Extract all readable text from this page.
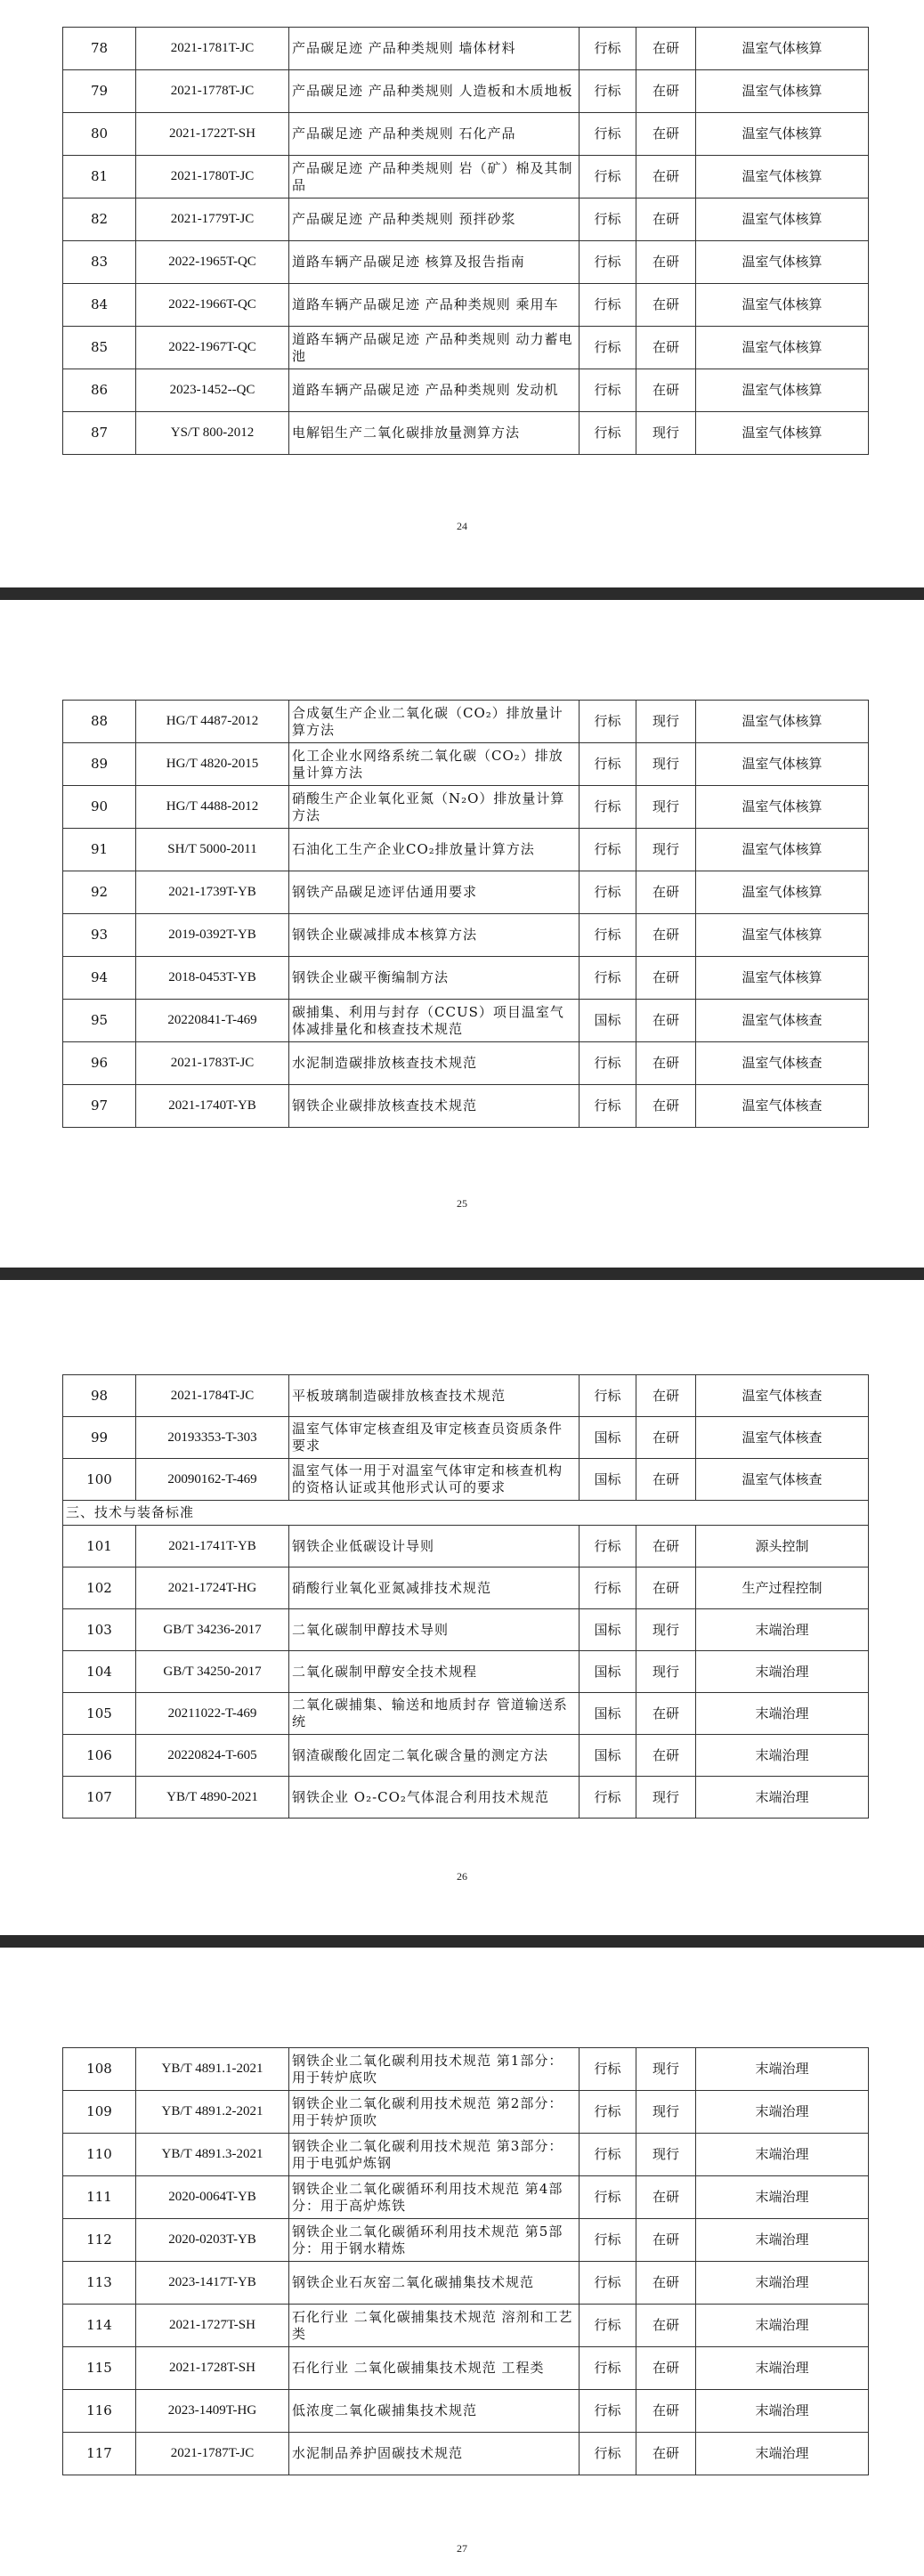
78	2021-1781T-JC	产品碳足迹 产品种类规则 墙体材料	行标	在研	温室气体核算
79	2021-1778T-JC	产品碳足迹 产品种类规则 人造板和木质地板	行标	在研	温室气体核算
80	2021-1722T-SH	产品碳足迹 产品种类规则 石化产品	行标	在研	温室气体核算
81	2021-1780T-JC	产品碳足迹 产品种类规则 岩（矿）棉及其制品	行标	在研	温室气体核算
82	2021-1779T-JC	产品碳足迹 产品种类规则 预拌砂浆	行标	在研	温室气体核算
83	2022-1965T-QC	道路车辆产品碳足迹 核算及报告指南	行标	在研	温室气体核算
84	2022-1966T-QC	道路车辆产品碳足迹 产品种类规则 乘用车	行标	在研	温室气体核算
85	2022-1967T-QC	道路车辆产品碳足迹 产品种类规则 动力蓄电池	行标	在研	温室气体核算
86	2023-1452--QC	道路车辆产品碳足迹 产品种类规则 发动机	行标	在研	温室气体核算
87	YS/T 800-2012	电解铝生产二氧化碳排放量测算方法	行标	现行	温室气体核算
24
88	HG/T 4487-2012	合成氨生产企业二氧化碳（CO₂）排放量计算方法	行标	现行	温室气体核算
89	HG/T 4820-2015	化工企业水网络系统二氧化碳（CO₂）排放量计算方法	行标	现行	温室气体核算
90	HG/T 4488-2012	硝酸生产企业氧化亚氮（N₂O）排放量计算方法	行标	现行	温室气体核算
91	SH/T 5000-2011	石油化工生产企业CO₂排放量计算方法	行标	现行	温室气体核算
92	2021-1739T-YB	钢铁产品碳足迹评估通用要求	行标	在研	温室气体核算
93	2019-0392T-YB	钢铁企业碳减排成本核算方法	行标	在研	温室气体核算
94	2018-0453T-YB	钢铁企业碳平衡编制方法	行标	在研	温室气体核算
95	20220841-T-469	碳捕集、利用与封存（CCUS）项目温室气体减排量化和核查技术规范	国标	在研	温室气体核查
96	2021-1783T-JC	水泥制造碳排放核查技术规范	行标	在研	温室气体核查
97	2021-1740T-YB	钢铁企业碳排放核查技术规范	行标	在研	温室气体核查
25
98	2021-1784T-JC	平板玻璃制造碳排放核查技术规范	行标	在研	温室气体核查
99	20193353-T-303	温室气体审定核查组及审定核查员资质条件要求	国标	在研	温室气体核查
100	20090162-T-469	温室气体一用于对温室气体审定和核查机构的资格认证或其他形式认可的要求	国标	在研	温室气体核查
三、技术与装备标准					
101	2021-1741T-YB	钢铁企业低碳设计导则	行标	在研	源头控制
102	2021-1724T-HG	硝酸行业氧化亚氮减排技术规范	行标	在研	生产过程控制
103	GB/T 34236-2017	二氧化碳制甲醇技术导则	国标	现行	末端治理
104	GB/T 34250-2017	二氧化碳制甲醇安全技术规程	国标	现行	末端治理
105	20211022-T-469	二氧化碳捕集、输送和地质封存 管道输送系统	国标	在研	末端治理
106	20220824-T-605	钢渣碳酸化固定二氧化碳含量的测定方法	国标	在研	末端治理
107	YB/T 4890-2021	钢铁企业 O₂-CO₂气体混合利用技术规范	行标	现行	末端治理
26
108	YB/T 4891.1-2021	钢铁企业二氧化碳利用技术规范 第1部分：用于转炉底吹	行标	现行	末端治理
109	YB/T 4891.2-2021	钢铁企业二氧化碳利用技术规范 第2部分：用于转炉顶吹	行标	现行	末端治理
110	YB/T 4891.3-2021	钢铁企业二氧化碳利用技术规范 第3部分：用于电弧炉炼钢	行标	现行	末端治理
111	2020-0064T-YB	钢铁企业二氧化碳循环利用技术规范 第4部分：用于高炉炼铁	行标	在研	末端治理
112	2020-0203T-YB	钢铁企业二氧化碳循环利用技术规范 第5部分：用于钢水精炼	行标	在研	末端治理
113	2023-1417T-YB	钢铁企业石灰窑二氧化碳捕集技术规范	行标	在研	末端治理
114	2021-1727T-SH	石化行业 二氧化碳捕集技术规范 溶剂和工艺类	行标	在研	末端治理
115	2021-1728T-SH	石化行业 二氧化碳捕集技术规范 工程类	行标	在研	末端治理
116	2023-1409T-HG	低浓度二氧化碳捕集技术规范	行标	在研	末端治理
117	2021-1787T-JC	水泥制品养护固碳技术规范	行标	在研	末端治理
27
